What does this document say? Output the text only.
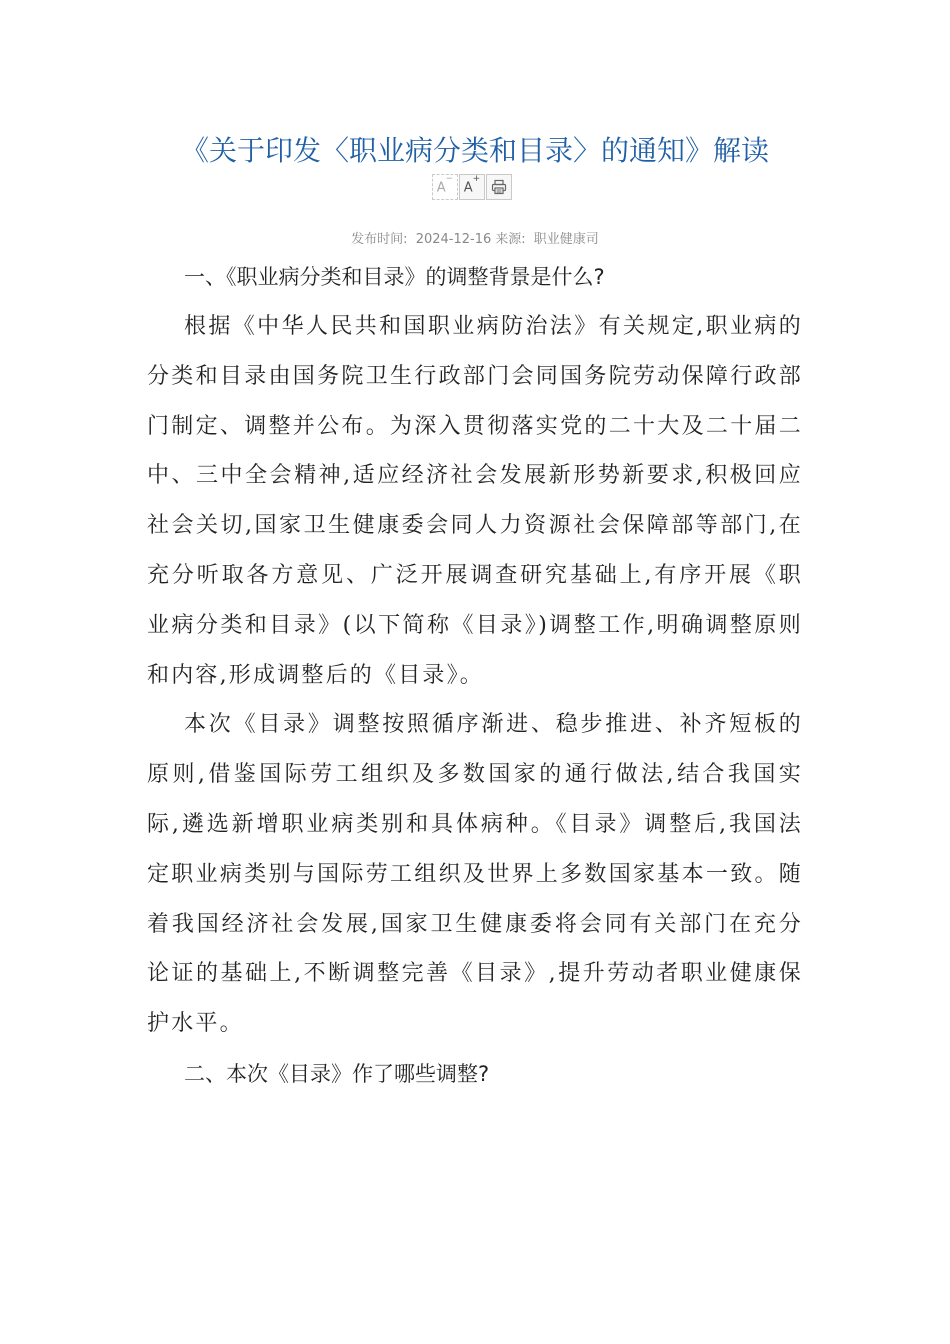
《关于印发〈职业病分类和目录〉的通知》解读
A−
A+
发布时间: 2024-12-16 来源: 职业健康司
一、《职业病分类和目录》的调整背景是什么?

根据《中华人民共和国职业病防治法》有关规定,职业病的分类和目录由国务院卫生行政部门会同国务院劳动保障行政部门制定、调整并公布。为深入贯彻落实党的二十大及二十届二中、三中全会精神,适应经济社会发展新形势新要求,积极回应社会关切,国家卫生健康委会同人力资源社会保障部等部门,在充分听取各方意见、广泛开展调查研究基础上,有序开展《职业病分类和目录》(以下简称《目录》)调整工作,明确调整原则和内容,形成调整后的《目录》。

本次《目录》调整按照循序渐进、稳步推进、补齐短板的原则,借鉴国际劳工组织及多数国家的通行做法,结合我国实际,遴选新增职业病类别和具体病种。《目录》调整后,我国法定职业病类别与国际劳工组织及世界上多数国家基本一致。随着我国经济社会发展,国家卫生健康委将会同有关部门在充分论证的基础上,不断调整完善《目录》,提升劳动者职业健康保护水平。

二、本次《目录》作了哪些调整?
